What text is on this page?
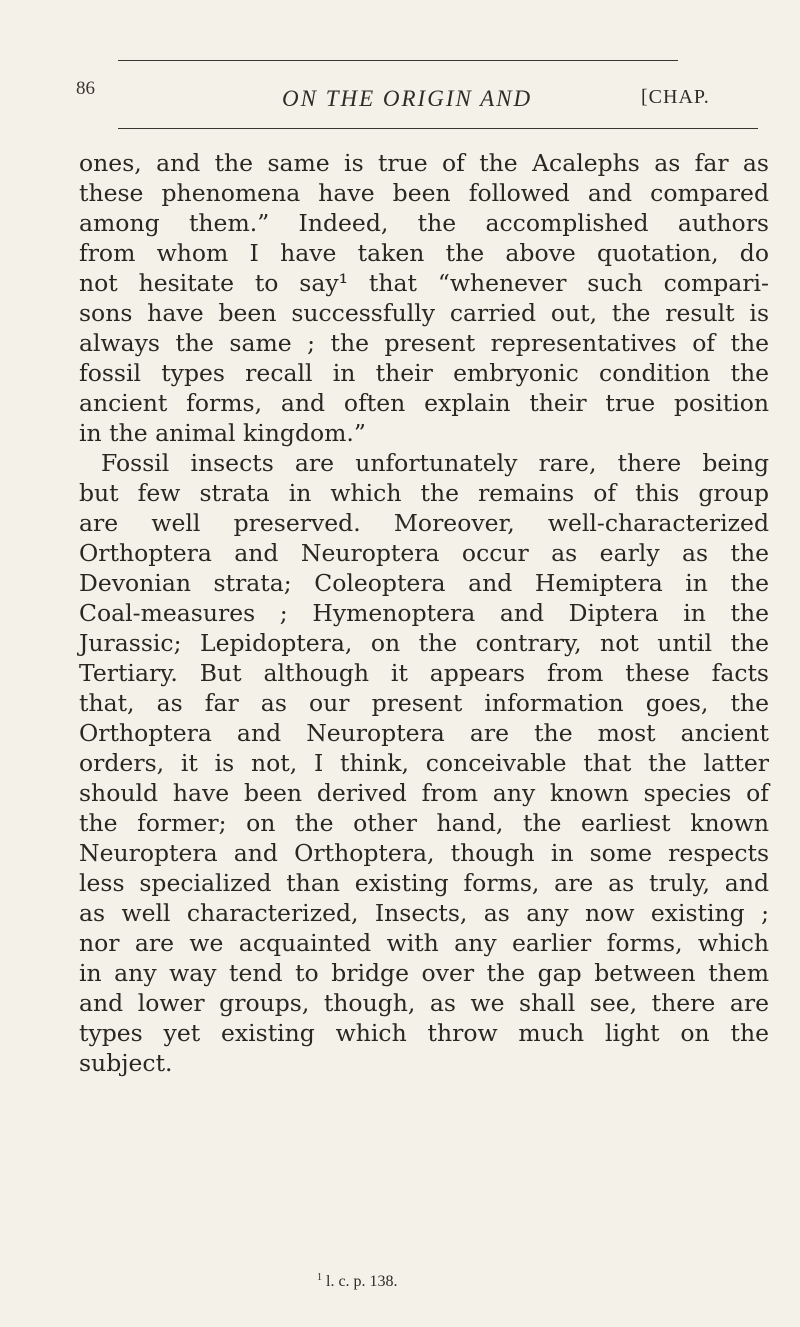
86	ON THE ORIGIN AND	[CHAP.
ones, and the same is true of the Acalephs as far as
these phenomena have been followed and compared
among them.” Indeed, the accomplished authors
from whom I have taken the above quotation, do
not hesitate to say¹ that “whenever such compari-
sons have been successfully carried out, the result is
always the same ; the present representatives of the
fossil types recall in their embryonic condition the
ancient forms, and often explain their true position
in the animal kingdom.”
Fossil insects are unfortunately rare, there being
but few strata in which the remains of this group
are well preserved. Moreover, well-characterized
Orthoptera and Neuroptera occur as early as the
Devonian strata; Coleoptera and Hemiptera in the
Coal-measures ; Hymenoptera and Diptera in the
Jurassic; Lepidoptera, on the contrary, not until the
Tertiary. But although it appears from these facts
that, as far as our present information goes, the
Orthoptera and Neuroptera are the most ancient
orders, it is not, I think, conceivable that the latter
should have been derived from any known species of
the former; on the other hand, the earliest known
Neuroptera and Orthoptera, though in some respects
less specialized than existing forms, are as truly, and
as well characterized, Insects, as any now existing ;
nor are we acquainted with any earlier forms, which
in any way tend to bridge over the gap between them
and lower groups, though, as we shall see, there are
types yet existing which throw much light on the
subject.
$^1$ l. c. p. 138.
